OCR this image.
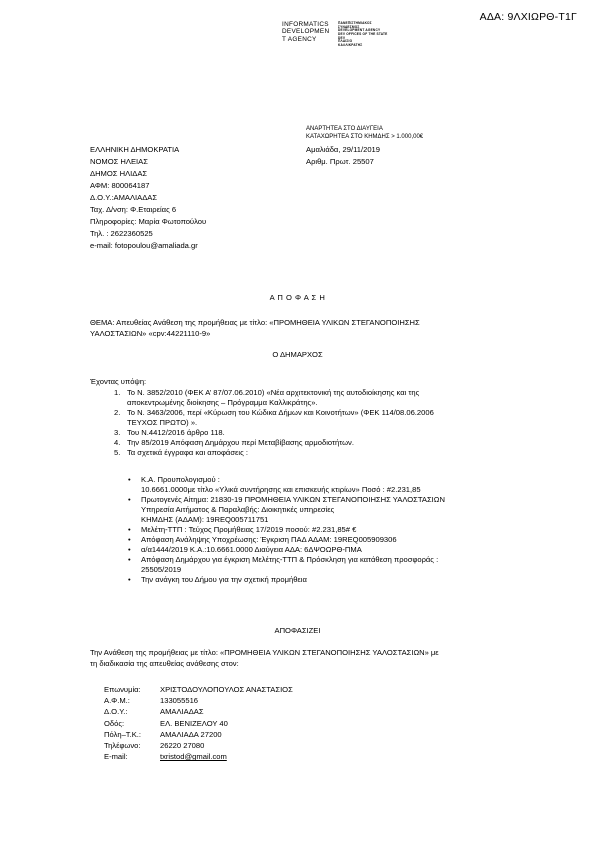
ΑΔΑ: 9ΛΧΙΩΡΘ-Τ1Γ
INFORMATICS
DEVELOPMEN
T AGENCY
ΠΑΝΕΠΙΣΤΗΜΙΑΚΟΣ
ΣΥΝΔΕΣΜΟΣ
DEVELOPMENT AGENCY
DEV OFFICES OF THE STATE
DEV
ΠΛΑΙΣΙΟ
ΚΑΛΛΙΚΡΑΤΗΣ
ΑΝΑΡΤΗΤΕΑ ΣΤΟ ΔΙΑΥΓΕΙΑ
ΚΑΤΑΧΩΡΗΤΕΑ ΣΤΟ ΚΗΜΔΗΣ > 1.000,00€
ΕΛΛΗΝΙΚΗ ΔΗΜΟΚΡΑΤΙΑ
ΝΟΜΟΣ ΗΛΕΙΑΣ
ΔΗΜΟΣ ΗΛΙΔΑΣ
ΑΦΜ: 800064187
Δ.Ο.Υ.:ΑΜΑΛΙΑΔΑΣ
Ταχ. Δ/νση: Φ.Εταιρείας 6
Πληροφορίες: Μαρία Φωτοπούλου
Τηλ. : 2622360525
e-mail: fotopoulou@amaliada.gr
Αμαλιάδα, 29/11/2019
Αριθμ. Πρωτ. 25507
Α Π Ο Φ Α Σ Η
ΘΕΜΑ: Απευθείας Ανάθεση της προμήθειας με τίτλο: «ΠΡΟΜΗΘΕΙΑ ΥΛΙΚΩΝ ΣΤΕΓΑΝΟΠΟΙΗΣΗΣ
ΥΑΛΟΣΤΑΣΙΩΝ» «cpv:44221110-9»
Ο ΔΗΜΑΡΧΟΣ
Έχοντας υπόψη:
1. Το Ν. 3852/2010 (ΦΕΚ Α’ 87/07.06.2010) «Νέα αρχιτεκτονική της αυτοδιοίκησης και της
αποκεντρωμένης διοίκησης – Πρόγραμμα Καλλικράτης».
2. Το Ν. 3463/2006, περί «Κύρωση του Κώδικα Δήμων και Κοινοτήτων» (ΦΕΚ 114/08.06.2006
ΤΕΥΧΟΣ ΠΡΩΤΟ) ».
3. Του Ν.4412/2016 άρθρο 118.
4. Την 85/2019 Απόφαση Δημάρχου περί Μεταβίβασης αρμοδιοτήτων.
5. Τα σχετικά έγγραφα και αποφάσεις :
• Κ.Α. Προυπολογισμού :
10.6661.0000με τίτλο «Υλικά συντήρησης και επισκευής κτιρίων» Ποσό : #2.231,85
• Πρωτογενές Αίτημα: 21830-19 ΠΡΟΜΗΘΕΙΑ ΥΛΙΚΩΝ ΣΤΕΓΑΝΟΠΟΙΗΣΗΣ ΥΑΛΟΣΤΑΣΙΩΝ
Υπηρεσία Αιτήματος & Παραλαβής: Διοικητικές υπηρεσίες
ΚΗΜΔΗΣ (ΑΔΑΜ): 19REQ005711751
• Μελέτη-ΤΤΠ : Τεύχος Προμήθειας 17/2019 ποσού: #2.231,85# €
• Απόφαση Ανάληψης Υποχρέωσης: Έγκριση ΠΑΔ ΑΔΑΜ: 19REQ005909306
• α/α1444/2019 Κ.Α.:10.6661.0000 Διαύγεια ΑΔΑ: 6ΔΨΟΩΡΘ-ΠΜΑ
• Απόφαση Δημάρχου για έγκριση Μελέτης-ΤΤΠ & Πρόσκληση για κατάθεση προσφοράς :
25505/2019
• Την ανάγκη του Δήμου για την σχετική προμήθεια
ΑΠΟΦΑΣΙΖΕΙ
Την Ανάθεση της προμήθειας με τίτλο: «ΠΡΟΜΗΘΕΙΑ ΥΛΙΚΩΝ ΣΤΕΓΑΝΟΠΟΙΗΣΗΣ ΥΑΛΟΣΤΑΣΙΩΝ» με
τη διαδικασία της απευθείας ανάθεσης στον:
Επωνυμία:	ΧΡΙΣΤΟΔΟΥΛΟΠΟΥΛΟΣ ΑΝΑΣΤΑΣΙΟΣ
Α.Φ.Μ.:	133055516
Δ.Ο.Υ.:	ΑΜΑΛΙΑΔΑΣ
Οδός:	ΕΛ. ΒΕΝΙΖΕΛΟΥ 40
Πόλη–Τ.Κ.:	ΑΜΑΛΙΑΔΑ 27200
Τηλέφωνο:	26220 27080
E-mail:	txristod@gmail.com
